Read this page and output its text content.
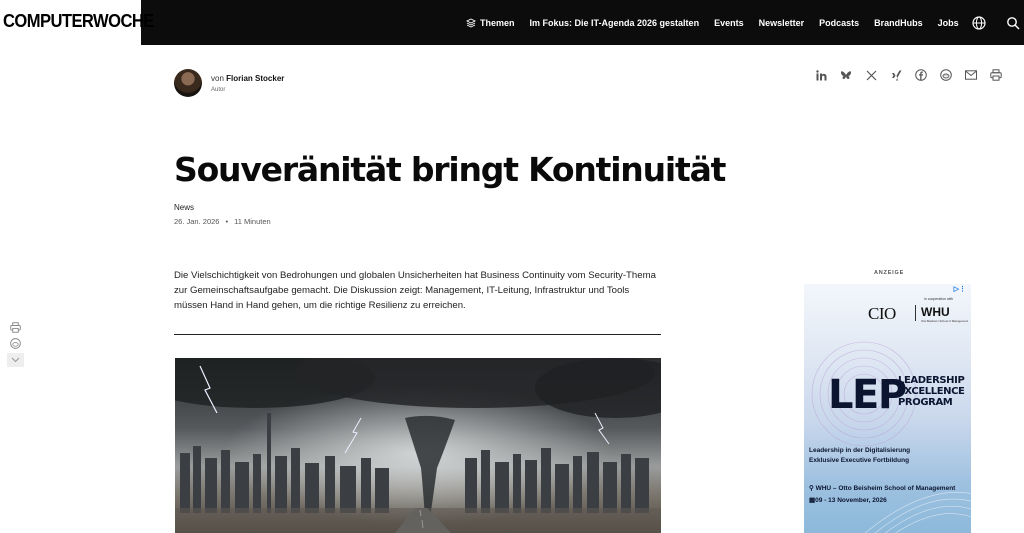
COMPUTERWOCHE	Themen Im Fokus: Die IT-Agenda 2026 gestalten Events Newsletter Podcasts BrandHubs Jobs
von Florian Stocker
Autor
Souveränität bringt Kontinuität
News
26. Jan. 2026 • 11 Minuten

Die Vielschichtigkeit von Bedrohungen und globalen Unsicherheiten hat Business Continuity vom Security-Thema zur Gemeinschaftsaufgabe gemacht. Die Diskussion zeigt: Management, IT-Leitung, Infrastruktur und Tools müssen Hand in Hand gehen, um die richtige Resilienz zu erreichen.

ANZEIGE
▷⋮
in cooperation with
CIO WHU
Otto Beisheim School of Management
LEP
LEADERSHIP
EXCELLENCE
PROGRAM
Leadership in der Digitalisierung
Exklusive Executive Fortbildung
⚲ WHU – Otto Beisheim School of Management
▦09 - 13 November, 2026
